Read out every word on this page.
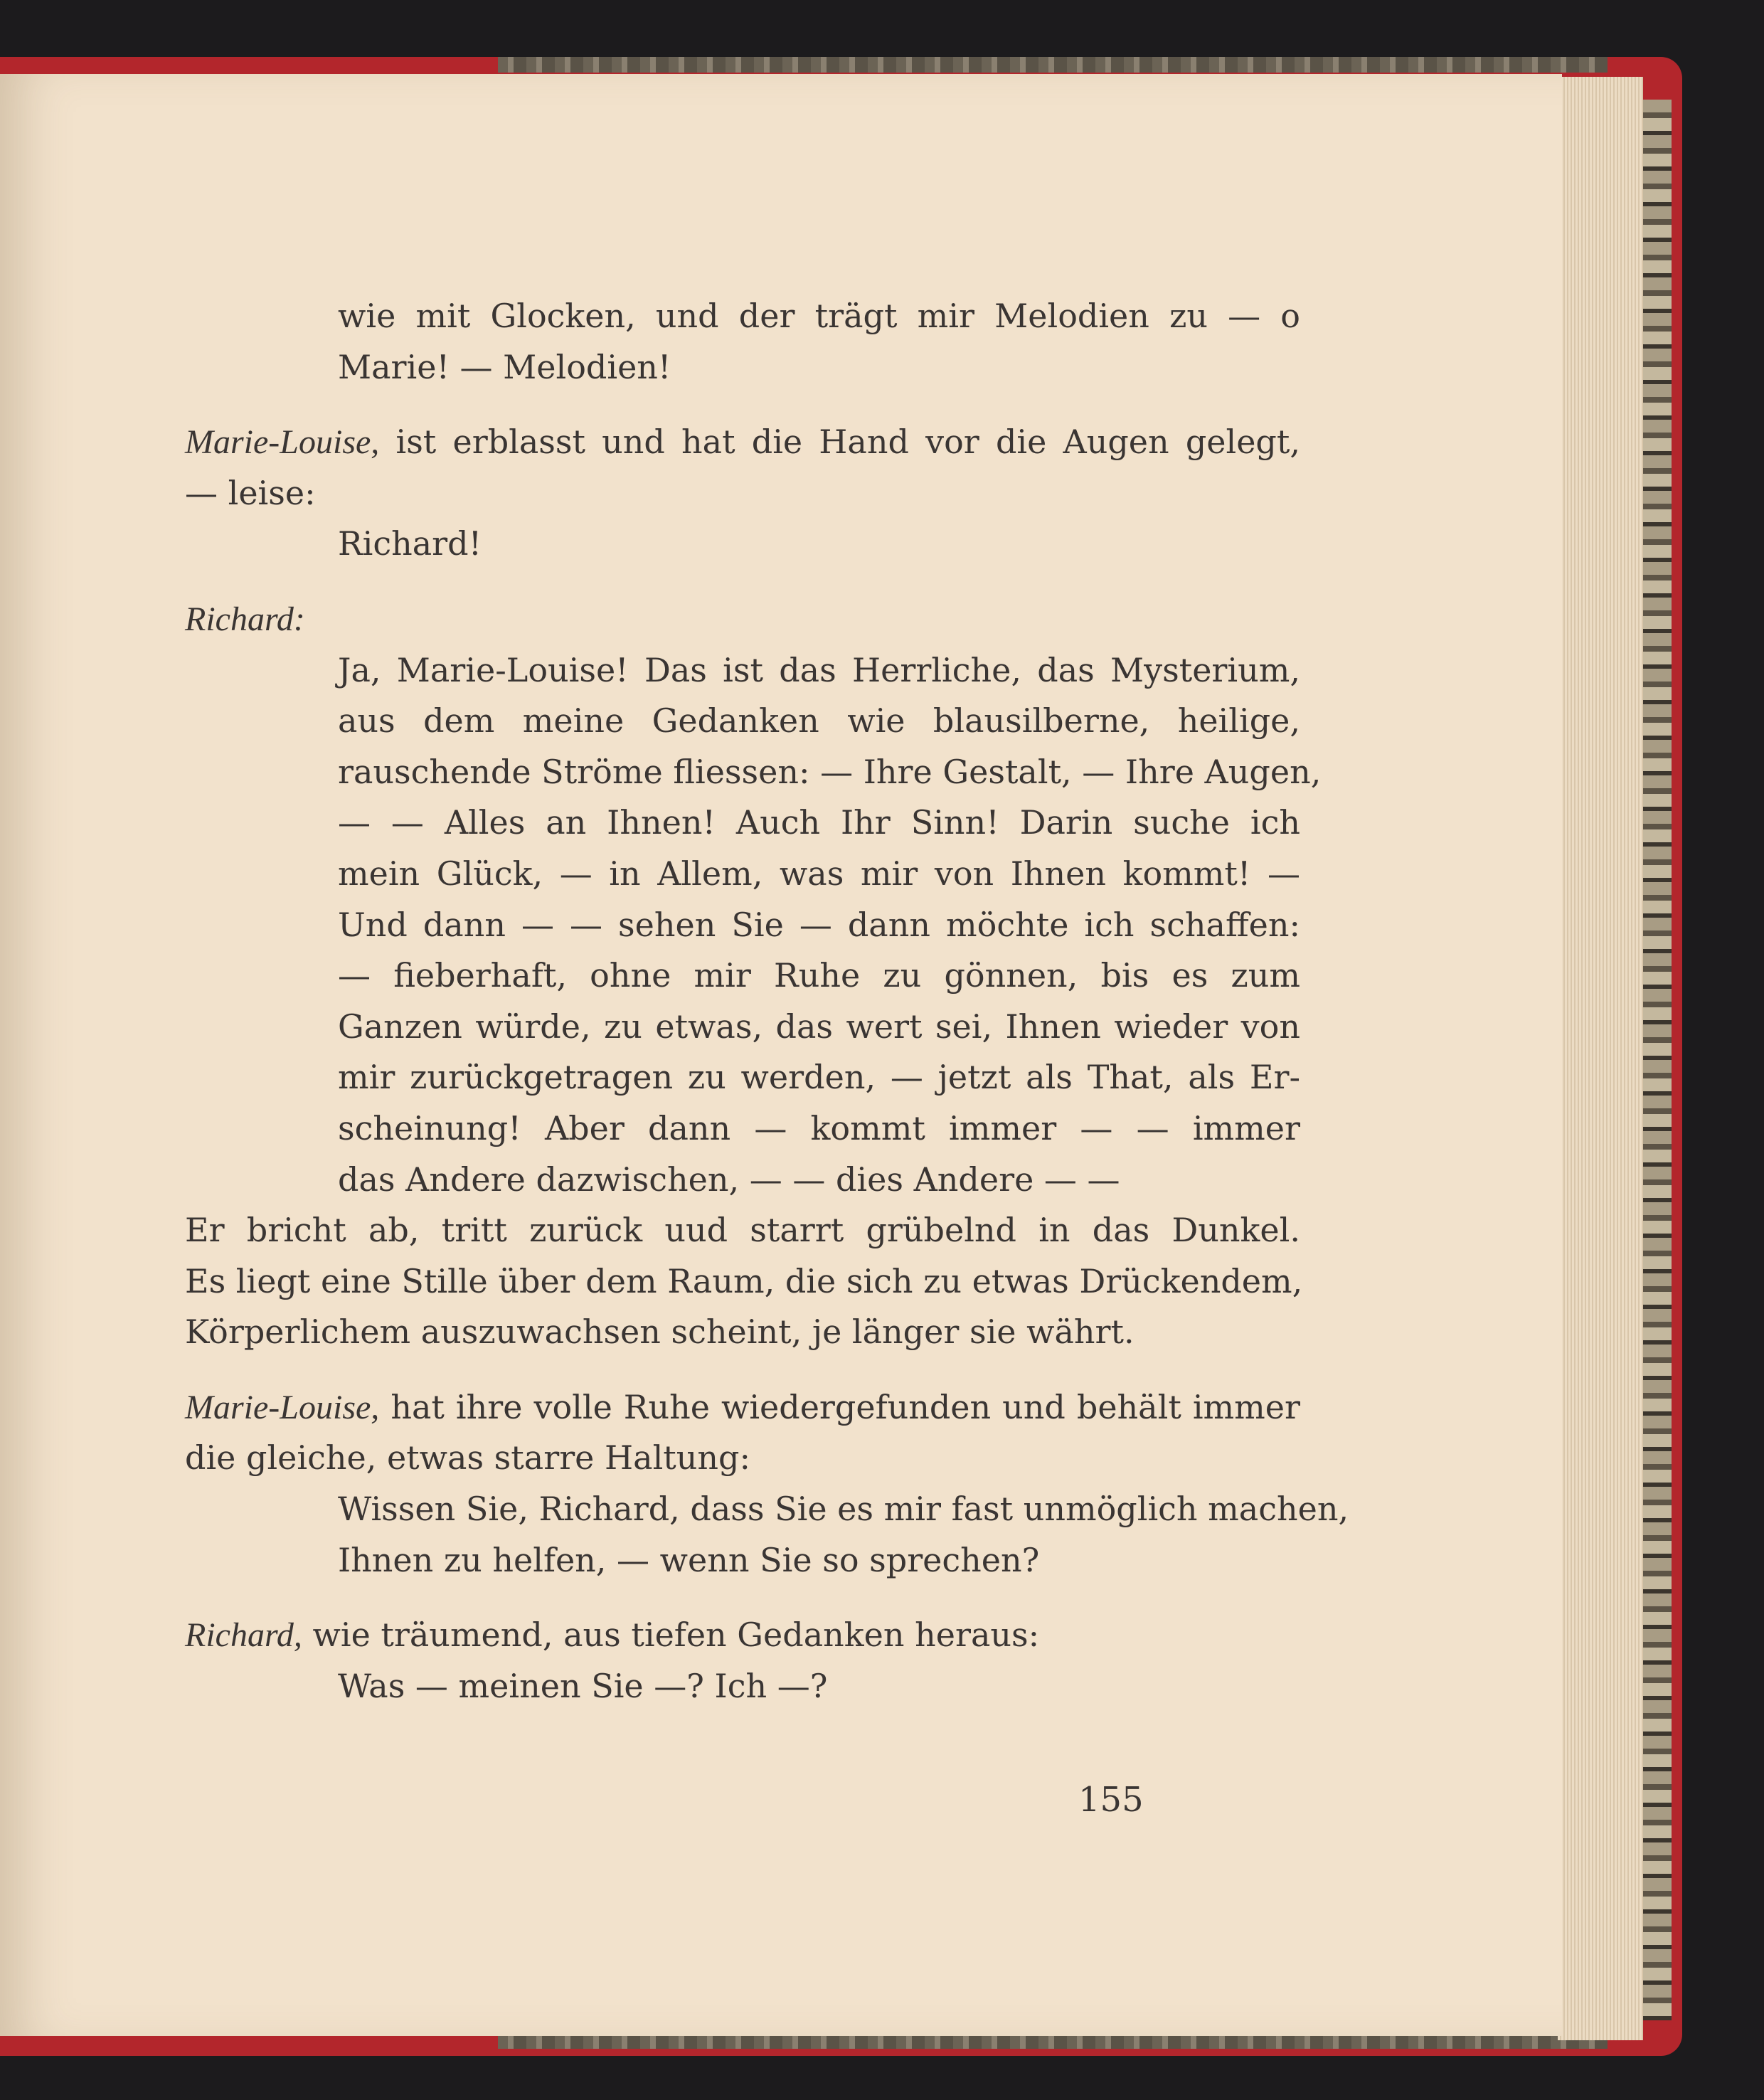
wie mit Glocken, und der trägt mir Melodien zu — o
Marie! — Melodien!
Marie-Louise, ist erblasst und hat die Hand vor die Augen gelegt,
— leise:
Richard!
Richard:
Ja, Marie-Louise! Das ist das Herrliche, das Mysterium,
aus dem meine Gedanken wie blausilberne, heilige,
rauschende Ströme fliessen: — Ihre Gestalt, — Ihre Augen,
— — Alles an Ihnen! Auch Ihr Sinn! Darin suche ich
mein Glück, — in Allem, was mir von Ihnen kommt! —
Und dann — — sehen Sie — dann möchte ich schaffen:
— fieberhaft, ohne mir Ruhe zu gönnen, bis es zum
Ganzen würde, zu etwas, das wert sei, Ihnen wieder von
mir zurückgetragen zu werden, — jetzt als That, als Er-
scheinung! Aber dann — kommt immer — — immer
das Andere dazwischen, — — dies Andere — —
Er bricht ab, tritt zurück uud starrt grübelnd in das Dunkel.
Es liegt eine Stille über dem Raum, die sich zu etwas Drückendem,
Körperlichem auszuwachsen scheint, je länger sie währt.
Marie-Louise, hat ihre volle Ruhe wiedergefunden und behält immer
die gleiche, etwas starre Haltung:
Wissen Sie, Richard, dass Sie es mir fast unmöglich machen,
Ihnen zu helfen, — wenn Sie so sprechen?
Richard, wie träumend, aus tiefen Gedanken heraus:
Was — meinen Sie —? Ich —?
155
